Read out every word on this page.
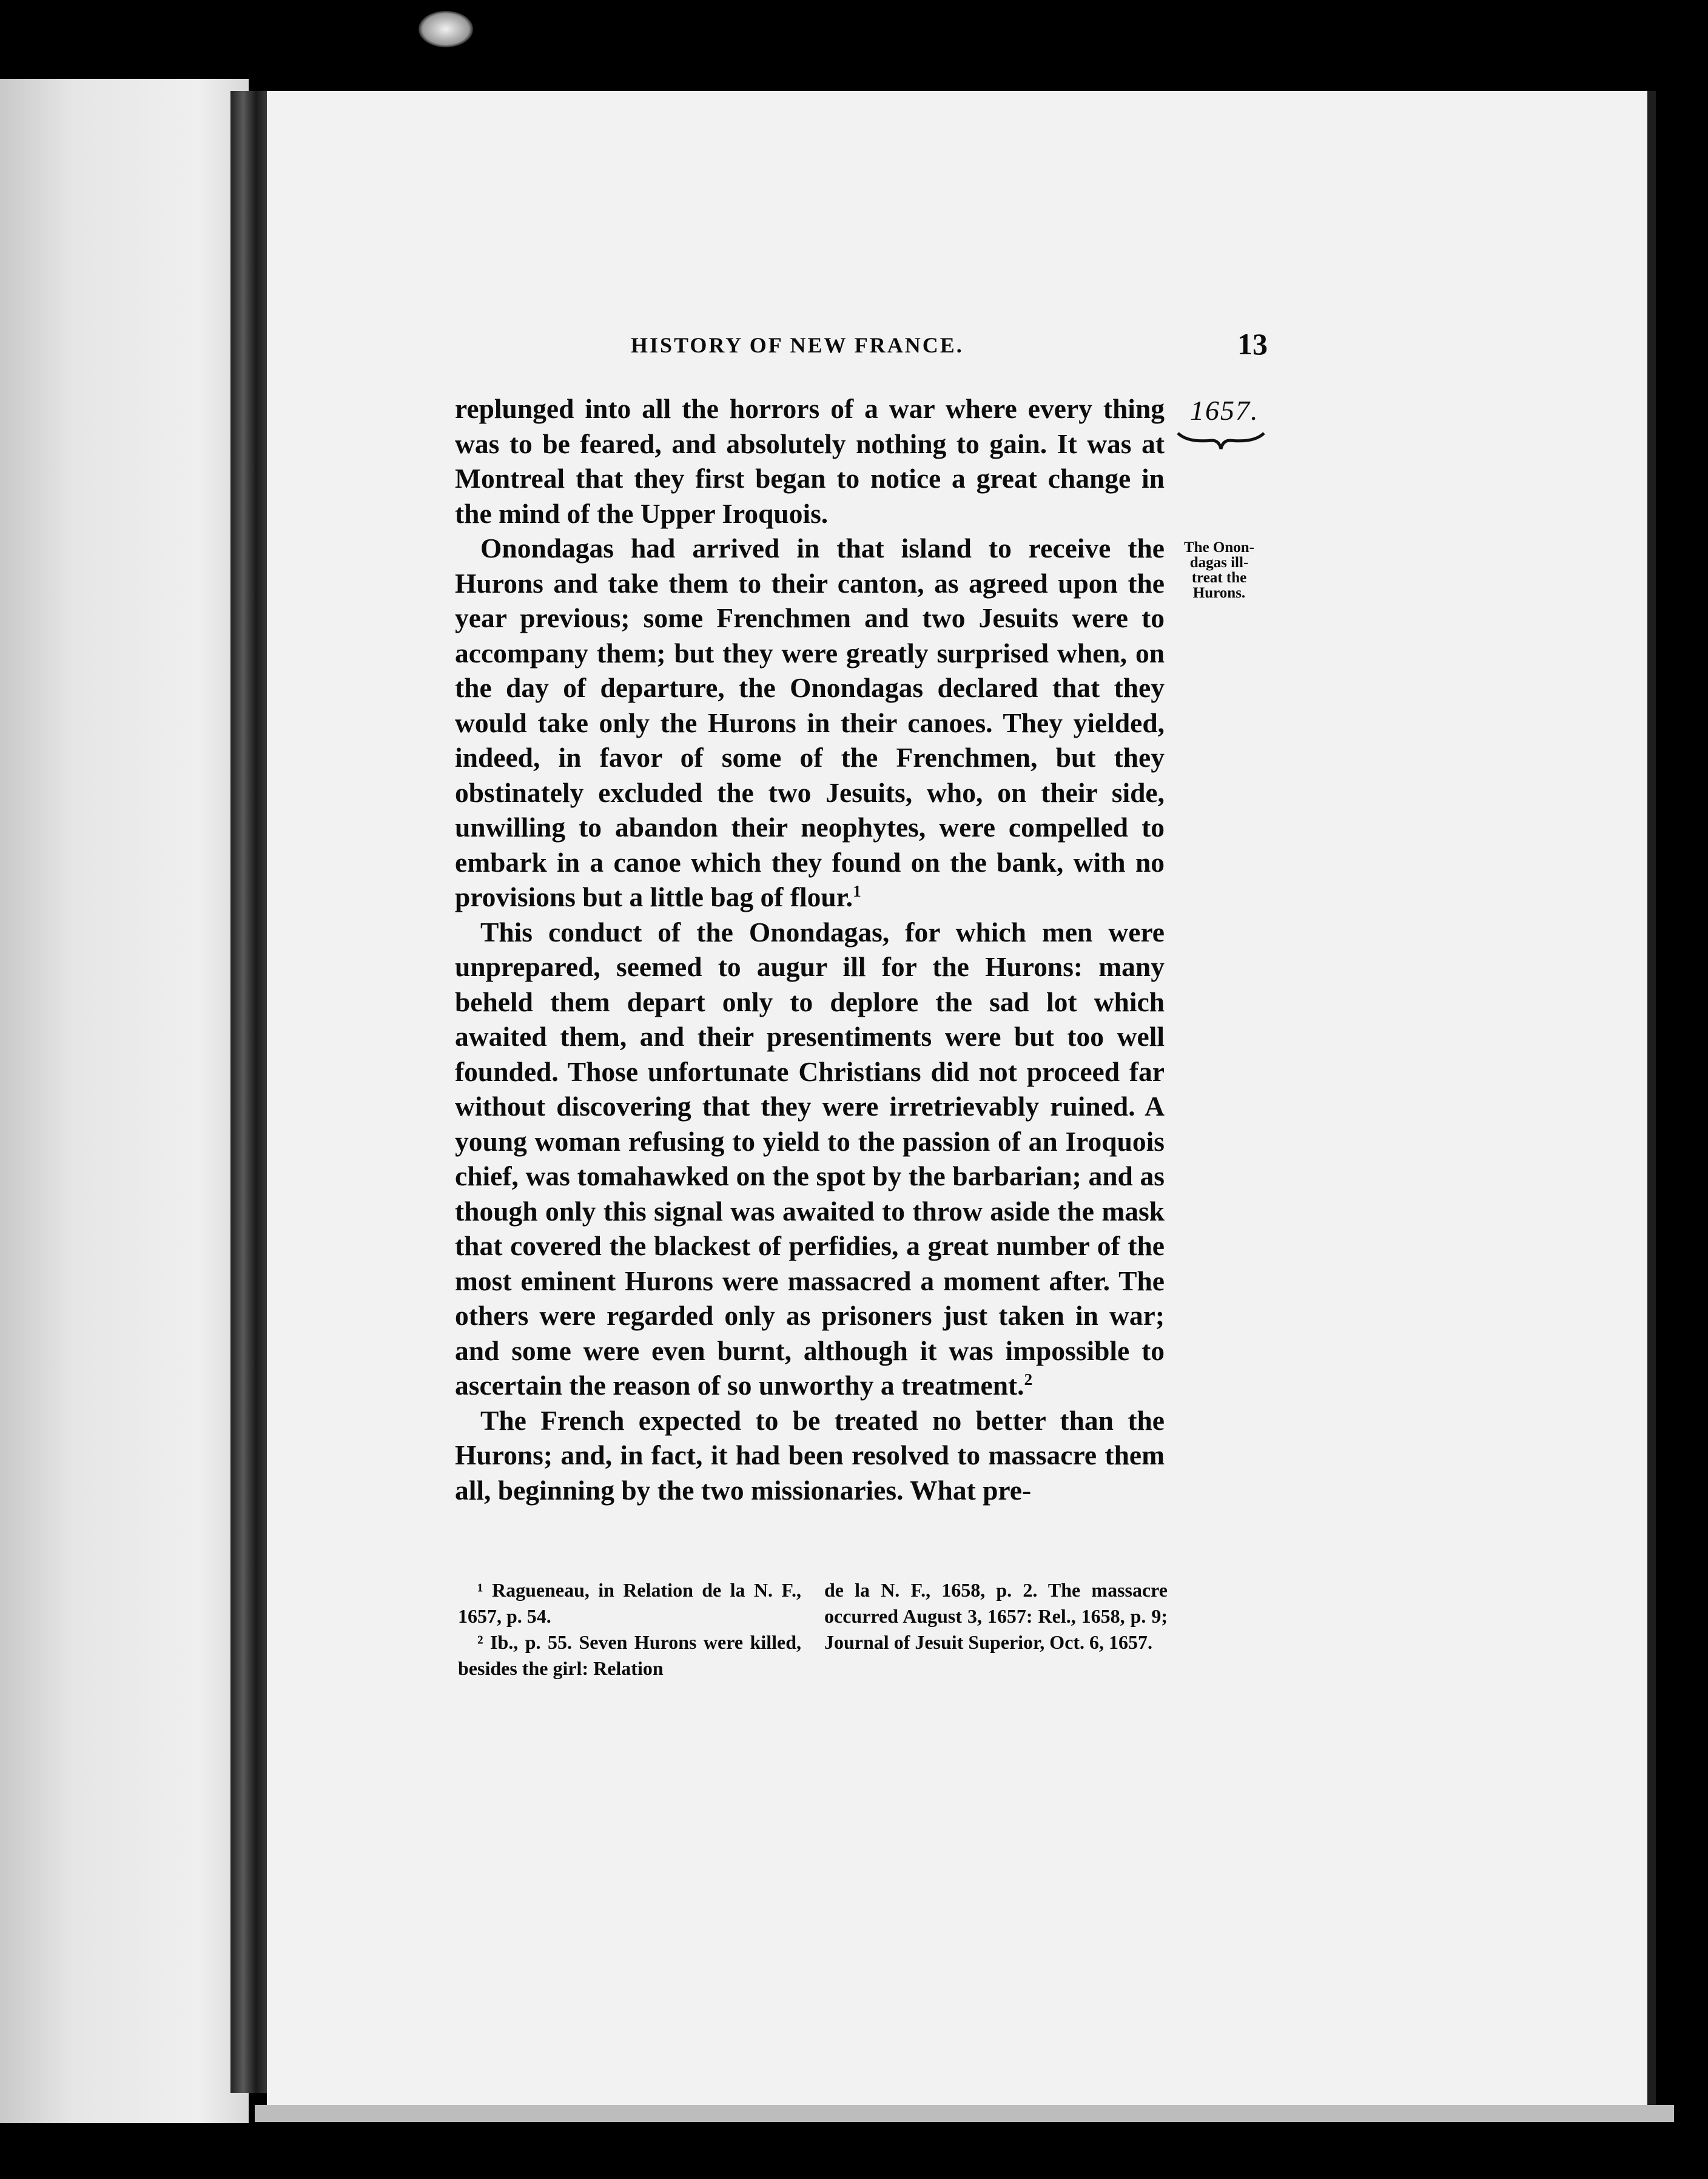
HISTORY OF NEW FRANCE.	13
1657.
The Onon-
dagas ill-
treat the
Hurons.

replunged into all the horrors of a war where every thing was to be feared, and absolutely nothing to gain. It was at Montreal that they first began to notice a great change in the mind of the Upper Iroquois.

Onondagas had arrived in that island to receive the Hurons and take them to their canton, as agreed upon the year previous; some Frenchmen and two Jesuits were to accompany them; but they were greatly surprised when, on the day of departure, the Onondagas declared that they would take only the Hurons in their canoes. They yielded, indeed, in favor of some of the Frenchmen, but they obstinately excluded the two Jesuits, who, on their side, unwilling to abandon their neophytes, were compelled to embark in a canoe which they found on the bank, with no provisions but a little bag of flour.$^1$

This conduct of the Onondagas, for which men were unprepared, seemed to augur ill for the Hurons: many beheld them depart only to deplore the sad lot which awaited them, and their presentiments were but too well founded. Those unfortunate Christians did not proceed far without discovering that they were irretrievably ruined. A young woman refusing to yield to the passion of an Iroquois chief, was tomahawked on the spot by the barbarian; and as though only this signal was awaited to throw aside the mask that covered the blackest of perfidies, a great number of the most eminent Hurons were massacred a moment after. The others were regarded only as prisoners just taken in war; and some were even burnt, although it was impossible to ascertain the reason of so unworthy a treatment.$^2$

The French expected to be treated no better than the Hurons; and, in fact, it had been resolved to massacre them all, beginning by the two missionaries. What pre-

¹ Ragueneau, in Relation de la N. F., 1657, p. 54.

² Ib., p. 55. Seven Hurons were killed, besides the girl: Relation

de la N. F., 1658, p. 2. The massacre occurred August 3, 1657: Rel., 1658, p. 9; Journal of Jesuit Superior, Oct. 6, 1657.
